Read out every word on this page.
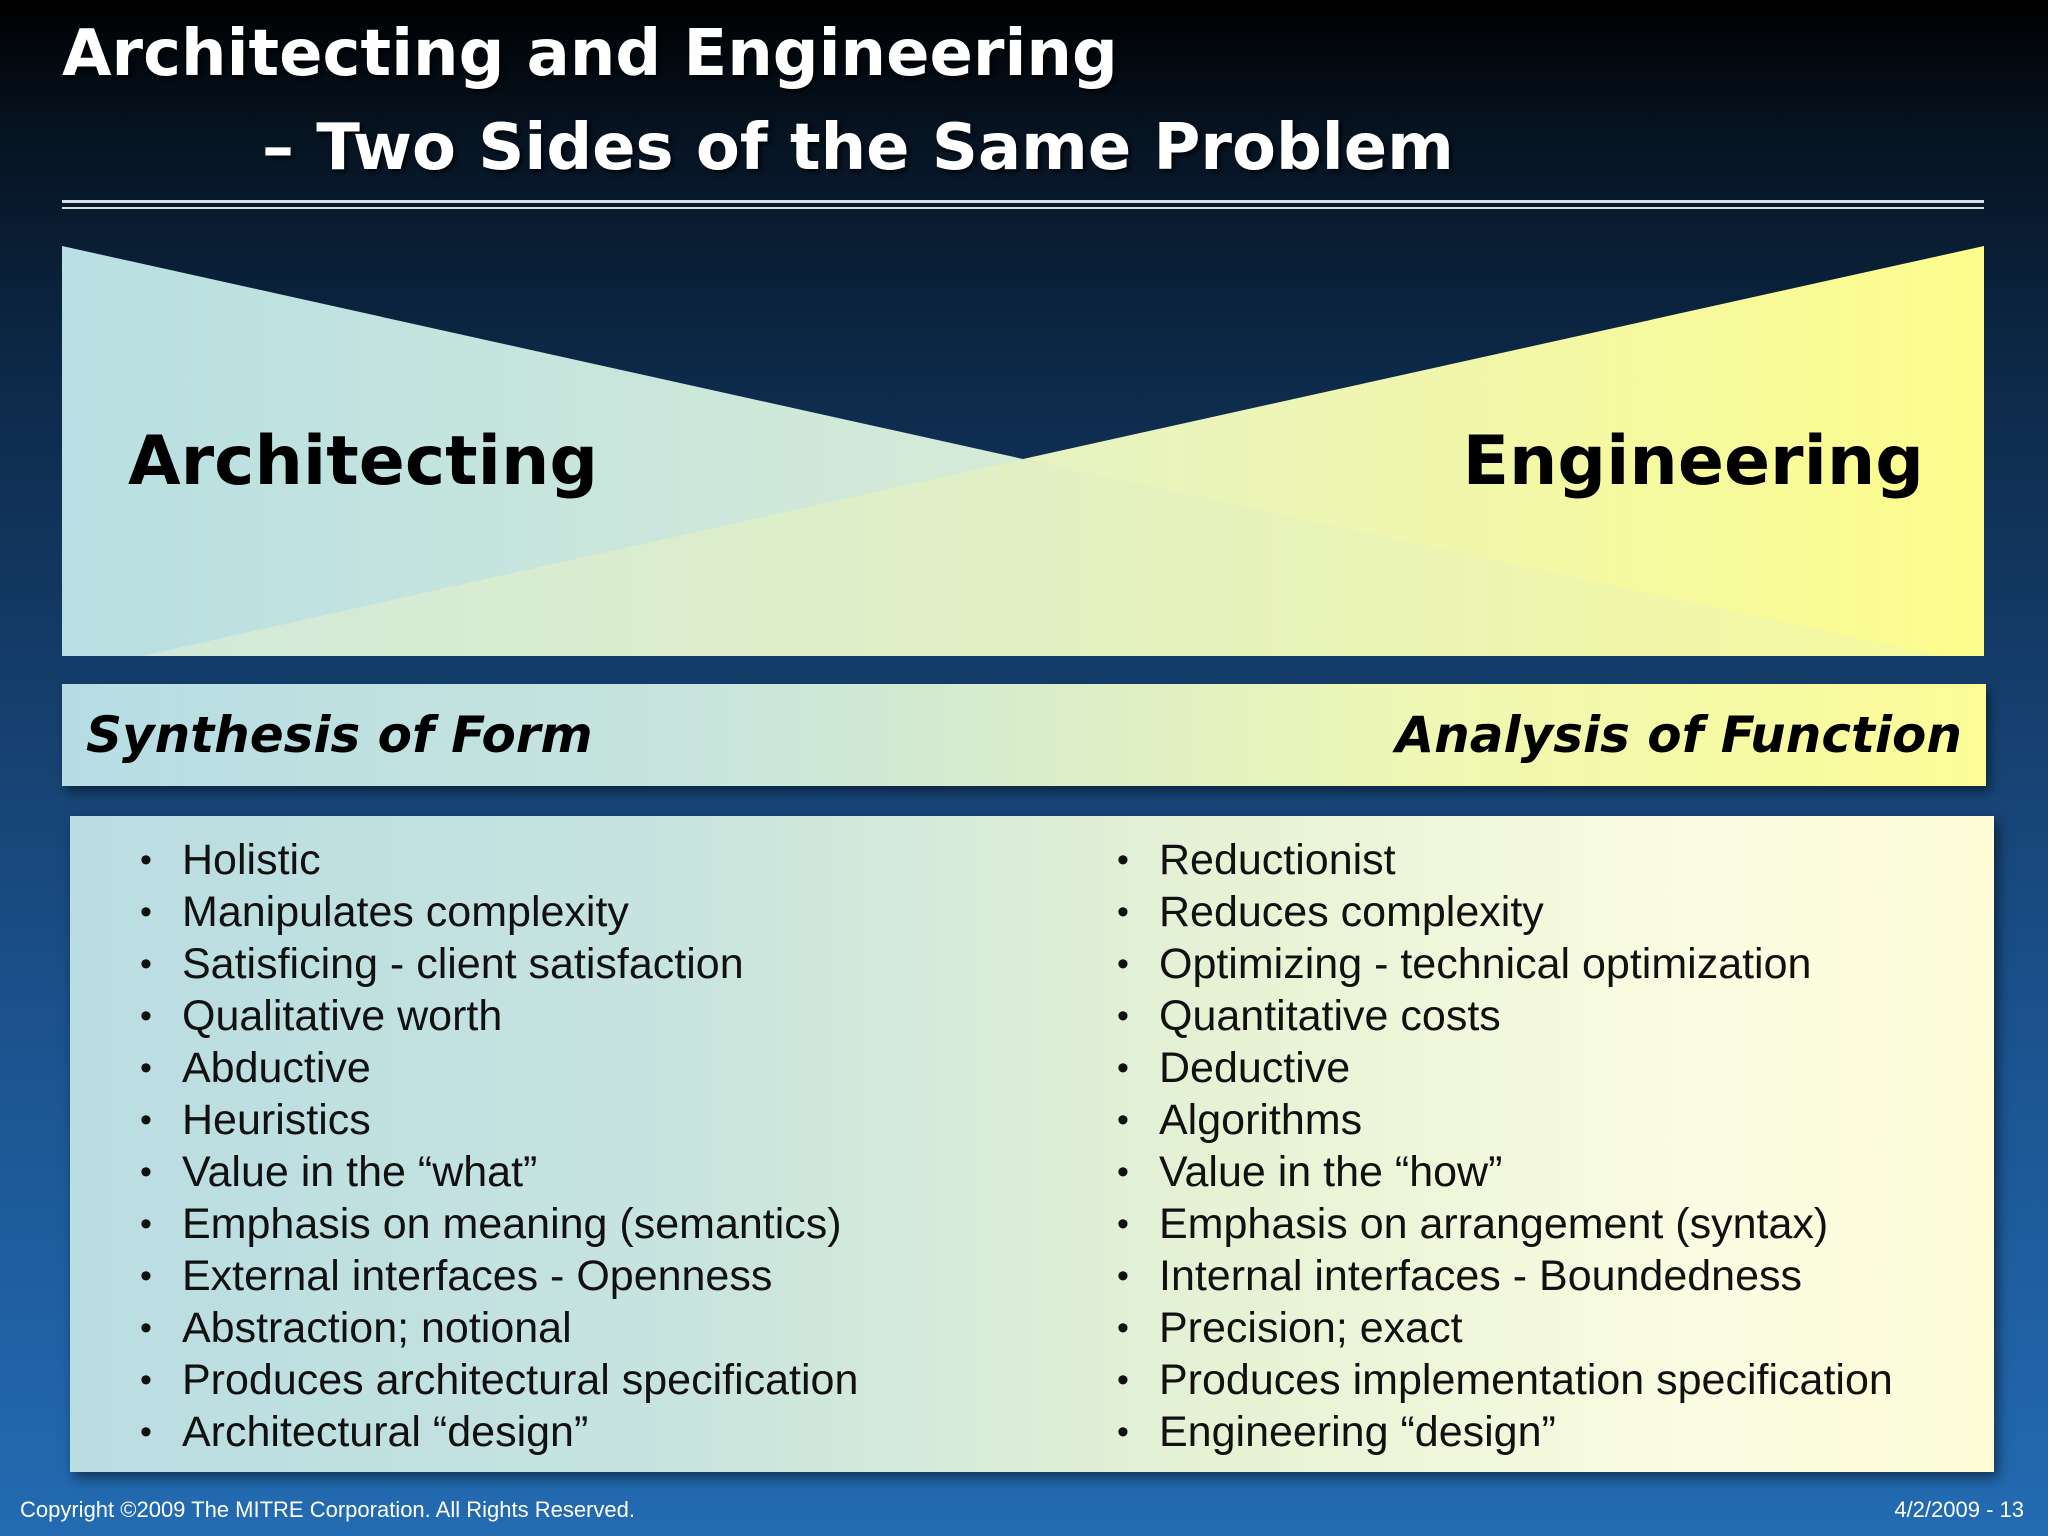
Architecting and Engineering
– Two Sides of the Same Problem

Architecting	Engineering

Synthesis of Form	Analysis of Function

• Holistic
• Manipulates complexity
• Satisficing - client satisfaction
• Qualitative worth
• Abductive
• Heuristics
• Value in the “what”
• Emphasis on meaning (semantics)
• External interfaces - Openness
• Abstraction; notional
• Produces architectural specification
• Architectural “design”
• Reductionist
• Reduces complexity
• Optimizing - technical optimization
• Quantitative costs
• Deductive
• Algorithms
• Value in the “how”
• Emphasis on arrangement (syntax)
• Internal interfaces - Boundedness
• Precision; exact
• Produces implementation specification
• Engineering “design”

Copyright ©2009 The MITRE Corporation. All Rights Reserved.	4/2/2009 - 13
